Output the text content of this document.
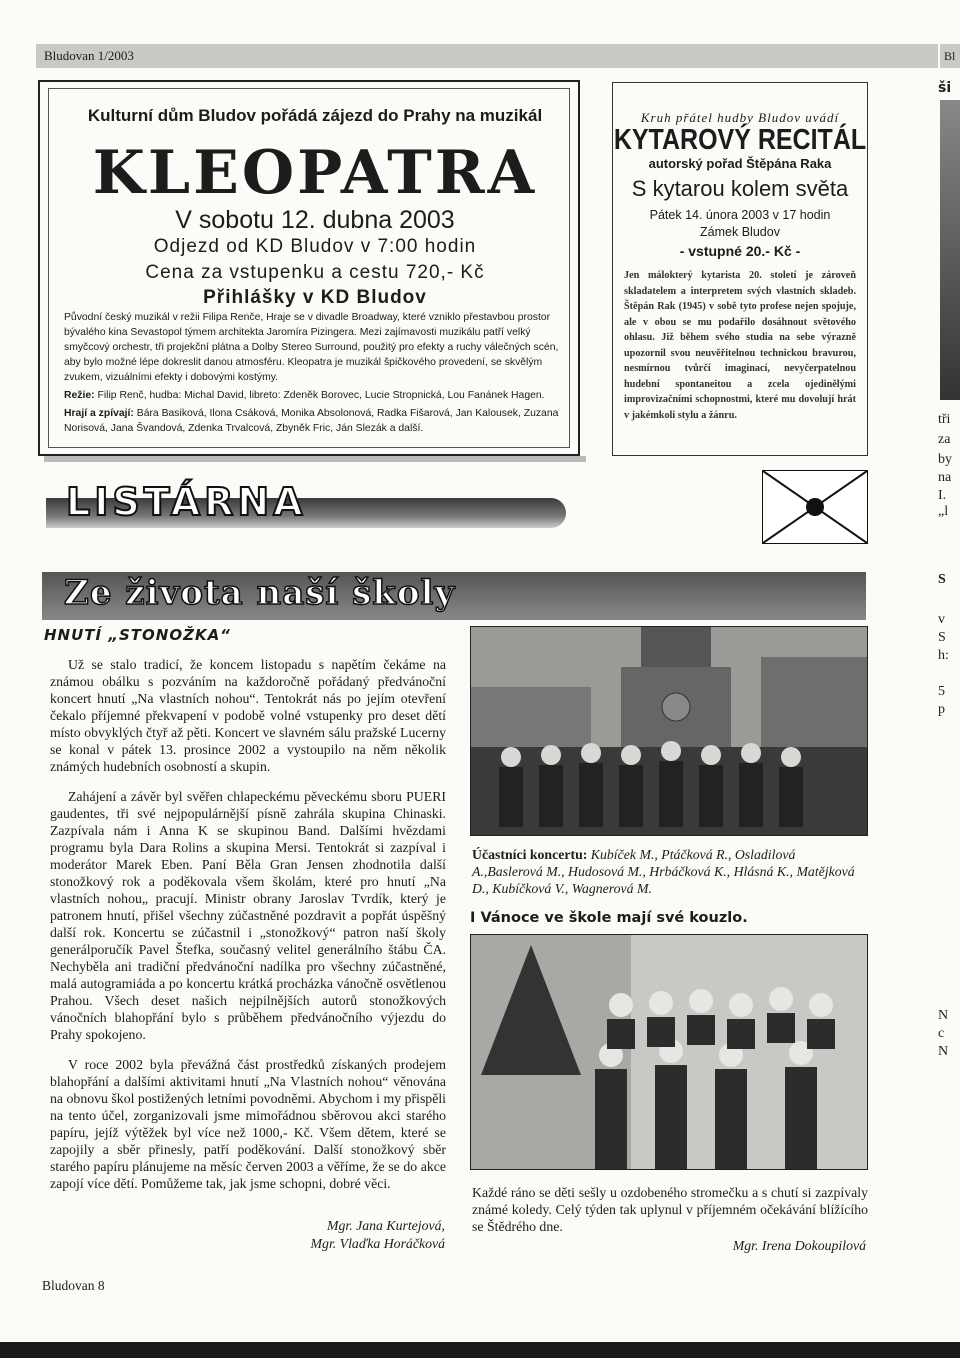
Bludovan 1/2003	Bl
Kulturní dům Bludov pořádá zájezd do Prahy na muzikál
KLEOPATRA
V sobotu 12. dubna 2003
Odjezd od KD Bludov v 7:00 hodin
Cena za vstupenku a cestu 720,- Kč
Přihlášky v KD Bludov

Původní český muzikál v režii Filipa Renče, Hraje se v divadle Broadway, které vzniklo přestavbou prostor bývalého kina Sevastopol týmem architekta Jaromíra Pizingera. Mezi zajímavosti muzikálu patří velký smyčcový orchestr, tři projekční plátna a Dolby Stereo Surround, použitý pro efekty a ruchy válečných scén, aby bylo možné lépe dokreslit danou atmosféru. Kleopatra je muzikál špičkového provedení, se skvělým zvukem, vizuálními efekty i dobovými kostýmy.

Režie: Filip Renč, hudba: Michal David, libreto: Zdeněk Borovec, Lucie Stropnická, Lou Fanánek Hagen.

Hrají a zpívají: Bára Basiková, Ilona Csáková, Monika Absolonová, Radka Fišarová, Jan Kalousek, Zuzana Norisová, Jana Švandová, Zdenka Trvalcová, Zbyněk Fric, Ján Slezák a další.

Kruh přátel hudby Bludov uvádí
KYTAROVÝ RECITÁL
autorský pořad Štěpána Raka
S kytarou kolem světa
Pátek 14. února 2003 v 17 hodin
Zámek Bludov
- vstupné 20.- Kč -
Jen málokterý kytarista 20. století je zároveň skladatelem a interpretem svých vlastních skladeb. Štěpán Rak (1945) v sobě tyto profese nejen spojuje, ale v obou se mu podařilo dosáhnout světového ohlasu. Již během svého studia na sebe výrazně upozornil svou neuvěřitelnou technickou bravurou, nesmírnou tvůrčí imaginací, nevyčerpatelnou hudební spontaneitou a zcela ojedinělými improvizačními schopnostmi, které mu dovolují hrát v jakémkoli stylu a žánru.
LISTÁRNA
Ze života naší školy
HNUTÍ „STONOŽKA“

Už se stalo tradicí, že koncem listopadu s napětím čekáme na známou obálku s pozváním na každoročně pořádaný předvánoční koncert hnutí „Na vlastních nohou“. Tentokrát nás po jejím otevření čekalo příjemné překvapení v podobě volné vstupenky pro deset dětí místo obvyklých čtyř až pěti. Koncert ve slavném sálu pražské Lucerny se konal v pátek 13. prosince 2002 a vystoupilo na něm několik známých hudebních osobností a skupin.

Zahájení a závěr byl svěřen chlapeckému pěveckému sboru PUERI gaudentes, tři své nejpopulárnější písně zahrála skupina Chinaski. Zazpívala nám i Anna K se skupinou Band. Dalšími hvězdami programu byla Dara Rolins a skupina Mersi. Tentokrát si zazpíval i moderátor Marek Eben. Paní Běla Gran Jensen zhodnotila další stonožkový rok a poděkovala všem školám, které pro hnutí „Na vlastních nohou„ pracují. Ministr obrany Jaroslav Tvrdík, který je patronem hnutí, přišel všechny zúčastněné pozdravit a popřát úspěšný další rok. Koncertu se zúčastnil i „stonožkový“ patron naší školy generálporučík Pavel Štefka, současný velitel generálního štábu ČA. Nechyběla ani tradiční předvánoční nadílka pro všechny zúčastněné, malá autogramiáda a po koncertu krátká procházka vánočně osvětlenou Prahou. Všech deset našich nejpilnějších autorů stonožkových vánočních blahopřání bylo s průběhem předvánočního výjezdu do Prahy spokojeno.

V roce 2002 byla převážná část prostředků získaných prodejem blahopřání a dalšími aktivitami hnutí „Na Vlastních nohou“ věnována na obnovu škol postižených letními povodněmi. Abychom i my přispěli na tento účel, zorganizovali jsme mimořádnou sběrovou akci starého papíru, jejíž výtěžek byl více než 1000,- Kč. Všem dětem, které se zapojily a sběr přinesly, patří poděkování. Další stonožkový sběr starého papíru plánujeme na měsíc červen 2003 a věříme, že se do akce zapojí více dětí. Pomůžeme tak, jak jsme schopni, dobré věci.

Mgr. Jana Kurtejová,
Mgr. Vlaďka Horáčková
Účastníci koncertu: Kubíček M., Ptáčková R., Osladilová A.,Baslerová M., Hudosová M., Hrbáčková K., Hlásná K., Matějková D., Kubíčková V., Wagnerová M.
I Vánoce ve škole mají své kouzlo.
Každé ráno se děti sešly u ozdobeného stromečku a s chutí si zazpívaly známé koledy. Celý týden tak uplynul v příjemném očekávání blížícího se Štědrého dne.
Mgr. Irena Dokoupilová
Bludovan 8
ši
tři
za
by
na
I.
„l
S
v
S
h:
5
p
N
c
N
